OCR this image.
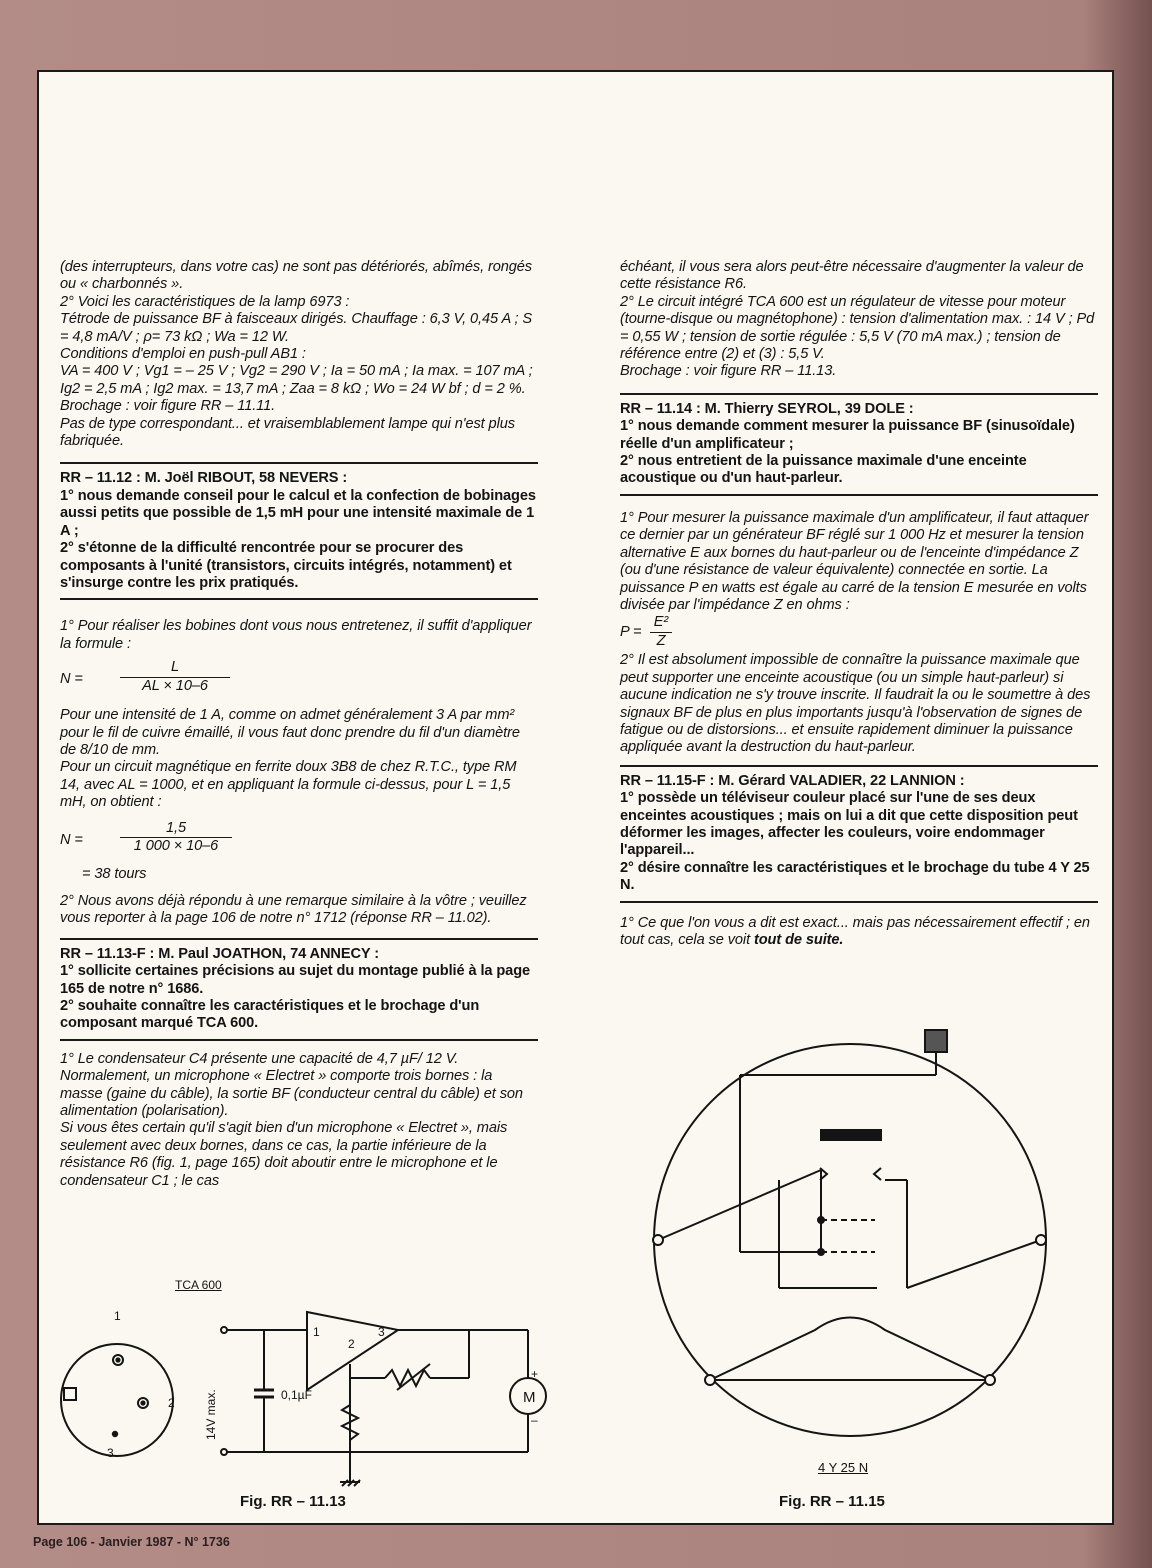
(des interrupteurs, dans votre cas) ne sont pas détériorés, abîmés, rongés ou « charbonnés ».

2° Voici les caractéristiques de la lamp 6973 :

Tétrode de puissance BF à faisceaux dirigés. Chauffage : 6,3 V, 0,45 A ; S = 4,8 mA/V ; ρ= 73 kΩ ; Wa = 12 W.

Conditions d'emploi en push-pull AB1 :

VA = 400 V ; Vg1 = – 25 V ; Vg2 = 290 V ; Ia = 50 mA ; Ia max. = 107 mA ; Ig2 = 2,5 mA ; Ig2 max. = 13,7 mA ; Zaa = 8 kΩ ; Wo = 24 W bf ; d = 2 %.

Brochage : voir figure RR – 11.11.

Pas de type correspondant... et vraisemblablement lampe qui n'est plus fabriquée.

RR – 11.12 : M. Joël RIBOUT, 58 NEVERS :

1° nous demande conseil pour le calcul et la confection de bobinages aussi petits que possible de 1,5 mH pour une intensité maximale de 1 A ;

2° s'étonne de la difficulté rencontrée pour se procurer des composants à l'unité (transistors, circuits intégrés, notamment) et s'insurge contre les prix pratiqués.

1° Pour réaliser les bobines dont vous nous entretenez, il suffit d'appliquer la formule :

N =	$\frac{L}{AL \times 10-6}$

Pour une intensité de 1 A, comme on admet généralement 3 A par mm² pour le fil de cuivre émaillé, il vous faut donc prendre du fil d'un diamètre de 8/10 de mm.

Pour un circuit magnétique en ferrite doux 3B8 de chez R.T.C., type RM 14, avec AL = 1000, et en appliquant la formule ci-dessus, pour L = 1,5 mH, on obtient :

N =	$\frac{1,5}{1 000 \times 10-6}$

= 38 tours

2° Nous avons déjà répondu à une remarque similaire à la vôtre ; veuillez vous reporter à la page 106 de notre n° 1712 (réponse RR – 11.02).

RR – 11.13-F : M. Paul JOATHON, 74 ANNECY :

1° sollicite certaines précisions au sujet du montage publié à la page 165 de notre n° 1686.

2° souhaite connaître les caractéristiques et le brochage d'un composant marqué TCA 600.

1° Le condensateur C4 présente une capacité de 4,7 µF/ 12 V.

Normalement, un microphone « Electret » comporte trois bornes : la masse (gaine du câble), la sortie BF (conducteur central du câble) et son alimentation (polarisation).

Si vous êtes certain qu'il s'agit bien d'un microphone « Electret », mais seulement avec deux bornes, dans ce cas, la partie inférieure de la résistance R6 (fig. 1, page 165) doit aboutir entre le microphone et le condensateur C1 ; le cas

échéant, il vous sera alors peut-être nécessaire d'augmenter la valeur de cette résistance R6.

2° Le circuit intégré TCA 600 est un régulateur de vitesse pour moteur (tourne-disque ou magnétophone) : tension d'alimentation max. : 14 V ; Pd = 0,55 W ; tension de sortie régulée : 5,5 V (70 mA max.) ; tension de référence entre (2) et (3) : 5,5 V.

Brochage : voir figure RR – 11.13.

RR – 11.14 : M. Thierry SEYROL, 39 DOLE :

1° nous demande comment mesurer la puissance BF (sinusoïdale) réelle d'un amplificateur ;

2° nous entretient de la puissance maximale d'une enceinte acoustique ou d'un haut-parleur.

1° Pour mesurer la puissance maximale d'un amplificateur, il faut attaquer ce dernier par un générateur BF réglé sur 1 000 Hz et mesurer la tension alternative E aux bornes du haut-parleur ou de l'enceinte d'impédance Z (ou d'une résistance de valeur équivalente) connectée en sortie. La puissance P en watts est égale au carré de la tension E mesurée en volts divisée par l'impédance Z en ohms :

$P = \frac{\text{E²}}{Z}$

2° Il est absolument impossible de connaître la puissance maximale que peut supporter une enceinte acoustique (ou un simple haut-parleur) si aucune indication ne s'y trouve inscrite. Il faudrait la ou le soumettre à des signaux BF de plus en plus importants jusqu'à l'observation de signes de fatigue ou de distorsions... et ensuite rapidement diminuer la puissance appliquée avant la destruction du haut-parleur.

RR – 11.15-F : M. Gérard VALADIER, 22 LANNION :

1° possède un téléviseur couleur placé sur l'une de ses deux enceintes acoustiques ; mais on lui a dit que cette disposition peut déformer les images, affecter les couleurs, voire endommager l'appareil...

2° désire connaître les caractéristiques et le brochage du tube 4 Y 25 N.

1° Ce que l'on vous a dit est exact... mais pas nécessairement effectif ; en tout cas, cela se voit tout de suite.

1
2
3
TCA 600
1
2
3
0,1µF
14V max.	M
+
–
Fig. RR – 11.13
4 Y 25 N
Fig. RR – 11.15
Page 106 - Janvier 1987 - N° 1736
